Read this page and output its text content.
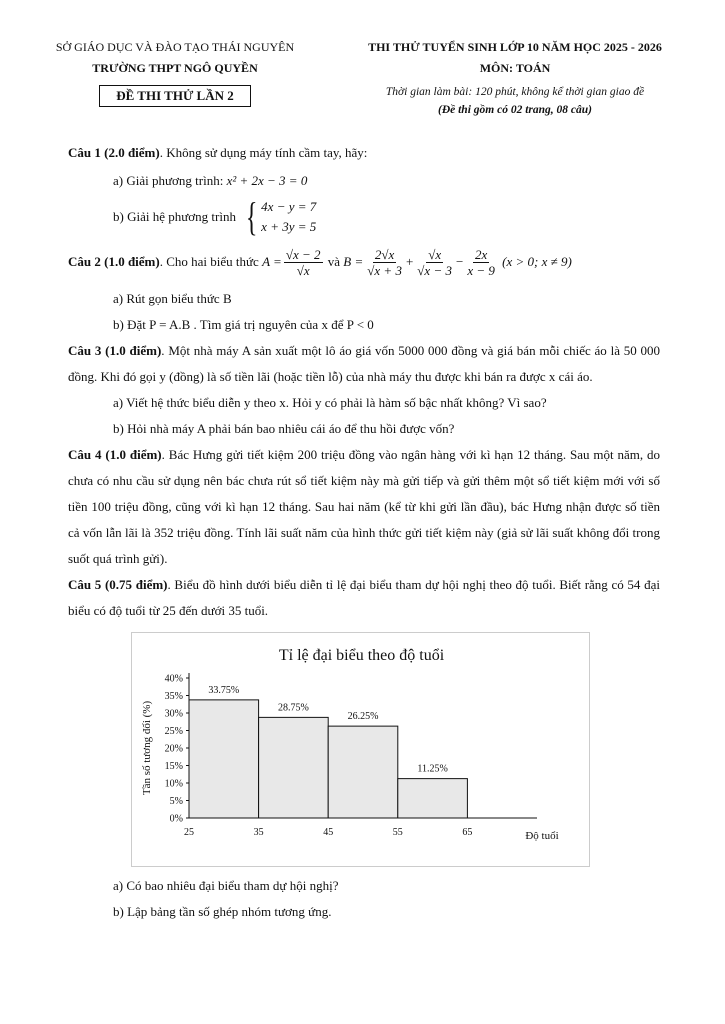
SỞ GIÁO DỤC VÀ ĐÀO TẠO THÁI NGUYÊN
TRƯỜNG THPT NGÔ QUYỀN
ĐỀ THI THỬ LẦN 2
THI THỬ TUYỂN SINH LỚP 10 NĂM HỌC 2025 - 2026
MÔN: TOÁN
Thời gian làm bài: 120 phút, không kể thời gian giao đề
(Đề thi gồm có 02 trang, 08 câu)
Câu 1 (2.0 điểm). Không sử dụng máy tính cầm tay, hãy:
a) Giải phương trình:
x² + 2x − 3 = 0
b) Giải hệ phương trình { 4x − y = 7
x + 3y = 5
Câu 2 (1.0 điểm) . Cho hai biểu thức
$A = \frac{√x - 2}{√x}$
và
$B = \frac{2√x}{√x + 3} + \frac{√x}{√x - 3} - \frac{2x}{x - 9}$
(x > 0; x ≠ 9)
a) Rút gọn biểu thức B
b) Đặt P = A.B . Tìm giá trị nguyên của x để P < 0
Câu 3 (1.0 điểm). Một nhà máy A sản xuất một lô áo giá vốn 5000 000 đồng và giá bán mỗi chiếc áo là 50 000 đồng. Khi đó gọi y (đồng) là số tiền lãi (hoặc tiền lỗ) của nhà máy thu được khi bán ra được x cái áo.
a) Viết hệ thức biểu diễn y theo x. Hỏi y có phải là hàm số bậc nhất không? Vì sao?
b) Hỏi nhà máy A phải bán bao nhiêu cái áo để thu hồi được vốn?
Câu 4 (1.0 điểm). Bác Hưng gửi tiết kiệm 200 triệu đồng vào ngân hàng với kì hạn 12 tháng. Sau một năm, do chưa có nhu cầu sử dụng nên bác chưa rút sổ tiết kiệm này mà gửi tiếp và gửi thêm một sổ tiết kiệm mới với số tiền 100 triệu đồng, cũng với kì hạn 12 tháng. Sau hai năm (kể từ khi gửi lần đầu), bác Hưng nhận được số tiền cả vốn lẫn lãi là 352 triệu đồng. Tính lãi suất năm của hình thức gửi tiết kiệm này (giả sử lãi suất không đổi trong suốt quá trình gửi).
Câu 5 (0.75 điểm). Biểu đồ hình dưới biểu diễn tỉ lệ đại biểu tham dự hội nghị theo độ tuổi. Biết rằng có 54 đại biểu có độ tuổi từ 25 đến dưới 35 tuổi.
Tỉ lệ đại biểu theo độ tuổi
33.75%
28.75%
26.25%
11.25%
0%
5%
10%
15%
20%
25%
30%
35%
40%
25	35	45	55	65	Độ tuổi
Tần số tương đối (%)
a) Có bao nhiêu đại biểu tham dự hội nghị?
b) Lập bảng tần số ghép nhóm tương ứng.
